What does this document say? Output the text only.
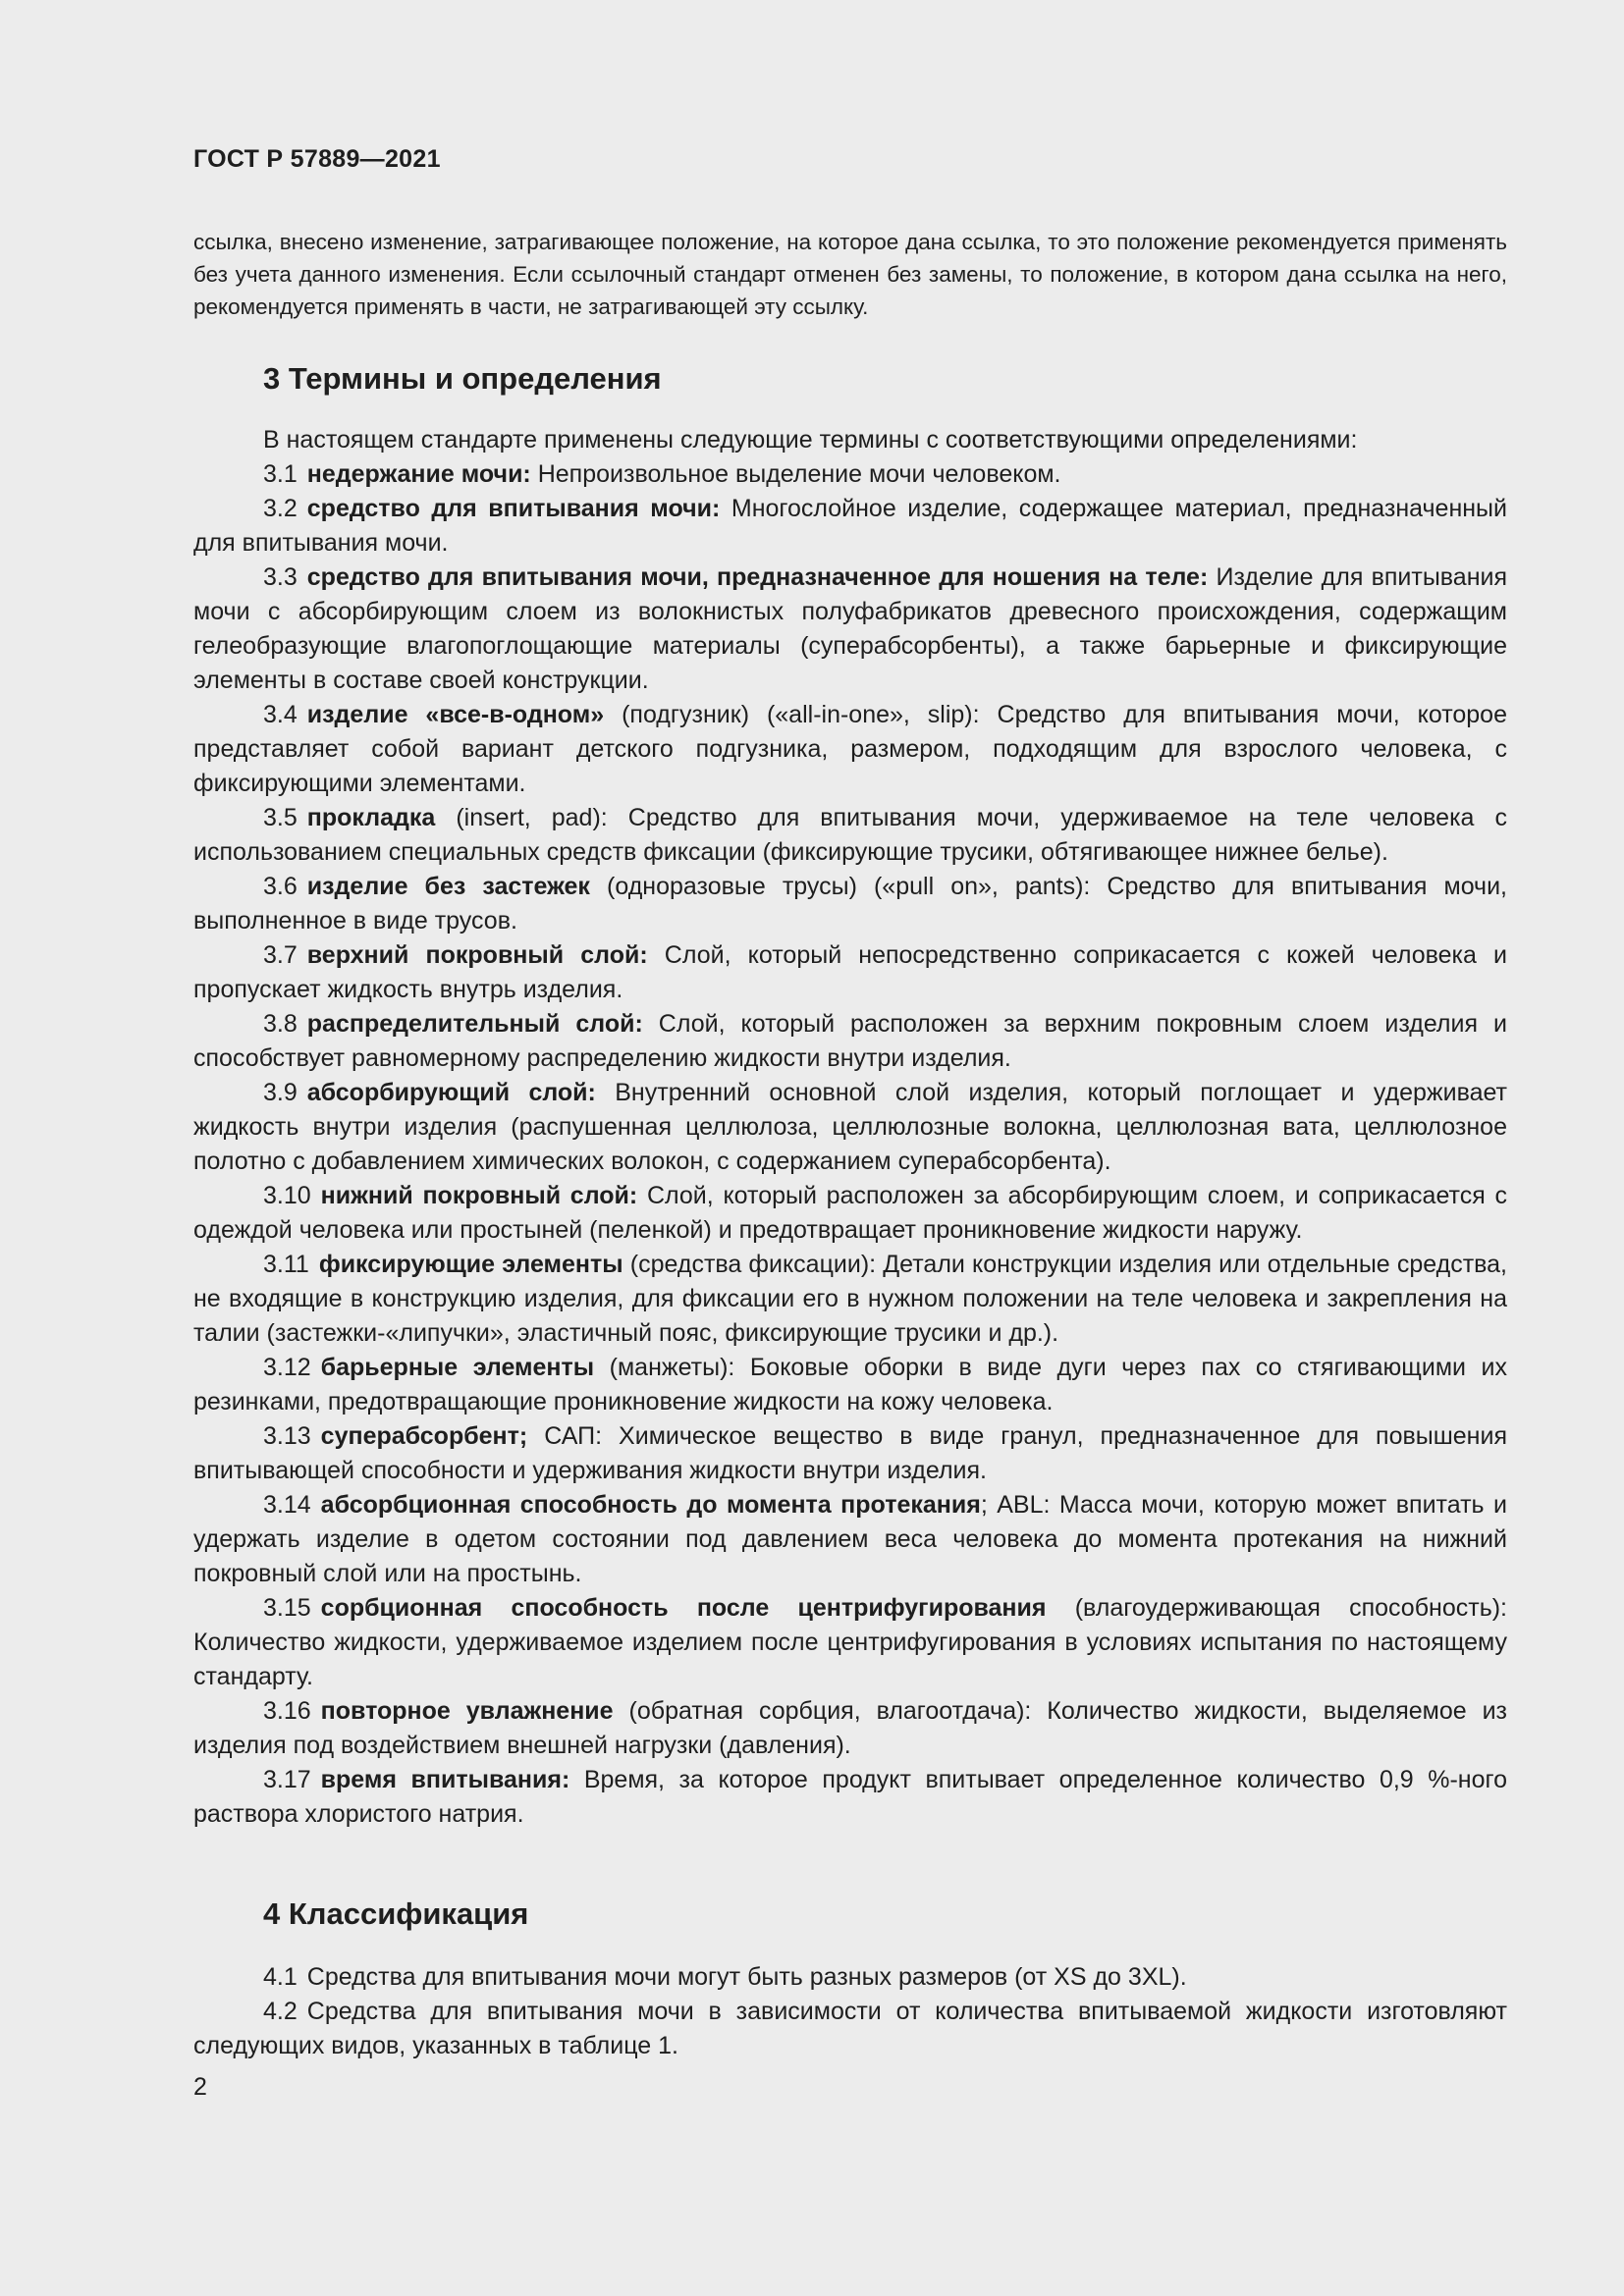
ГОСТ Р 57889—2021
ссылка, внесено изменение, затрагивающее положение, на которое дана ссылка, то это положение рекомендуется применять без учета данного изменения. Если ссылочный стандарт отменен без замены, то положение, в котором дана ссылка на него, рекомендуется применять в части, не затрагивающей эту ссылку.
3 Термины и определения

В настоящем стандарте применены следующие термины с соответствующими определениями:

3.1 недержание мочи: Непроизвольное выделение мочи человеком.

3.2 средство для впитывания мочи: Многослойное изделие, содержащее материал, предназначенный для впитывания мочи.

3.3 средство для впитывания мочи, предназначенное для ношения на теле: Изделие для впитывания мочи с абсорбирующим слоем из волокнистых полуфабрикатов древесного происхождения, содержащим гелеобразующие влагопоглощающие материалы (суперабсорбенты), а также барьерные и фиксирующие элементы в составе своей конструкции.

3.4 изделие «все-в-одном» (подгузник) («all-in-one», slip): Средство для впитывания мочи, которое представляет собой вариант детского подгузника, размером, подходящим для взрослого человека, с фиксирующими элементами.

3.5 прокладка (insert, pad): Средство для впитывания мочи, удерживаемое на теле человека с использованием специальных средств фиксации (фиксирующие трусики, обтягивающее нижнее белье).

3.6 изделие без застежек (одноразовые трусы) («pull on», pants): Средство для впитывания мочи, выполненное в виде трусов.

3.7 верхний покровный слой: Слой, который непосредственно соприкасается с кожей человека и пропускает жидкость внутрь изделия.

3.8 распределительный слой: Слой, который расположен за верхним покровным слоем изделия и способствует равномерному распределению жидкости внутри изделия.

3.9 абсорбирующий слой: Внутренний основной слой изделия, который поглощает и удерживает жидкость внутри изделия (распушенная целлюлоза, целлюлозные волокна, целлюлозная вата, целлюлозное полотно с добавлением химических волокон, с содержанием суперабсорбента).

3.10 нижний покровный слой: Слой, который расположен за абсорбирующим слоем, и соприкасается с одеждой человека или простыней (пеленкой) и предотвращает проникновение жидкости наружу.

3.11 фиксирующие элементы (средства фиксации): Детали конструкции изделия или отдельные средства, не входящие в конструкцию изделия, для фиксации его в нужном положении на теле человека и закрепления на талии (застежки-«липучки», эластичный пояс, фиксирующие трусики и др.).

3.12 барьерные элементы (манжеты): Боковые оборки в виде дуги через пах со стягивающими их резинками, предотвращающие проникновение жидкости на кожу человека.

3.13 суперабсорбент; САП: Химическое вещество в виде гранул, предназначенное для повышения впитывающей способности и удерживания жидкости внутри изделия.

3.14 абсорбционная способность до момента протекания; ABL: Масса мочи, которую может впитать и удержать изделие в одетом состоянии под давлением веса человека до момента протекания на нижний покровный слой или на простынь.

3.15 сорбционная способность после центрифугирования (влагоудерживающая способность): Количество жидкости, удерживаемое изделием после центрифугирования в условиях испытания по настоящему стандарту.

3.16 повторное увлажнение (обратная сорбция, влагоотдача): Количество жидкости, выделяемое из изделия под воздействием внешней нагрузки (давления).

3.17 время впитывания: Время, за которое продукт впитывает определенное количество 0,9 %-ного раствора хлористого натрия.

4 Классификация

4.1 Средства для впитывания мочи могут быть разных размеров (от XS до 3XL).

4.2 Средства для впитывания мочи в зависимости от количества впитываемой жидкости изготовляют следующих видов, указанных в таблице 1.

2
